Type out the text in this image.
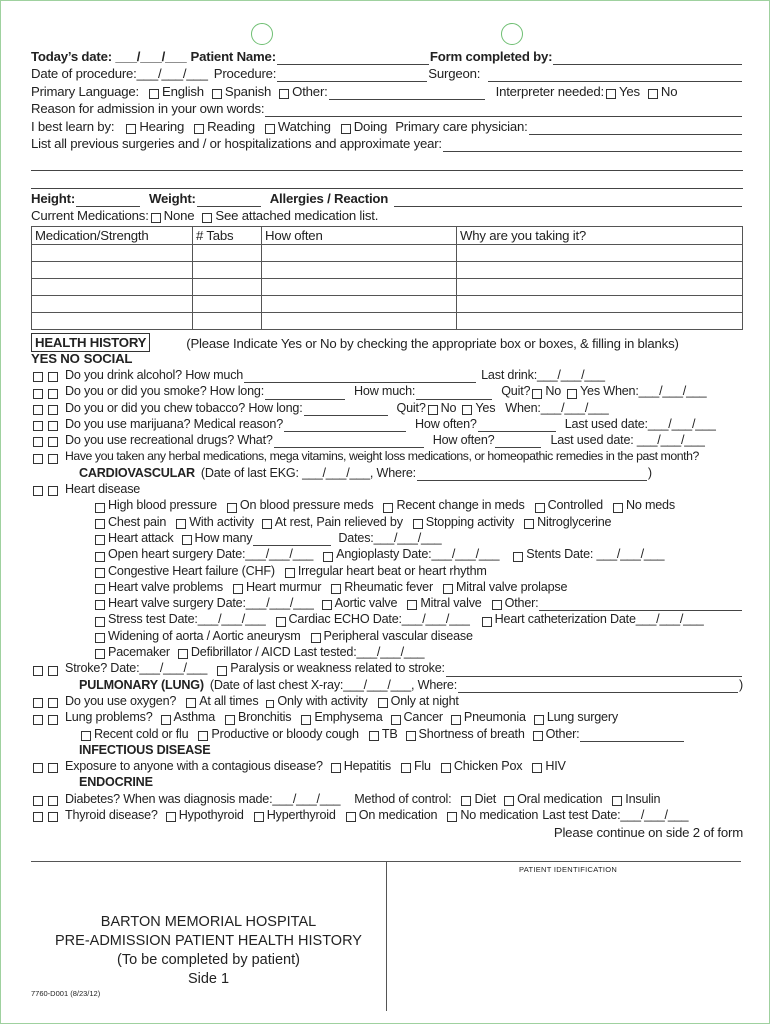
Today’s date: ___/___/___ Patient Name:	Form completed by:
Date of procedure:___/___/___ Procedure:	Surgeon:
Primary Language: English Spanish Other:	Interpreter needed: Yes No
Reason for admission in your own words:
I best learn by: Hearing Reading Watching Doing Primary care physician:
List all previous surgeries and / or hospitalizations and approximate year:
Height:	Weight:	Allergies / Reaction
Current Medications: None See attached medication list.
Medication/Strength	# Tabs	How often	Why are you taking it?

HEALTH HISTORY	(Please Indicate Yes or No by checking the appropriate box or boxes, & filling in blanks)
YES NO SOCIAL
Do you drink alcohol? How much	Last drink:___/___/___
Do you or did you smoke? How long:	How much:	Quit? No Yes When:___/___/___
Do you or did you chew tobacco? How long:	Quit? No Yes When:___/___/___
Do you use marijuana? Medical reason?	How often?	Last used date:___/___/___
Do you use recreational drugs? What?	How often?	Last used date: ___/___/___
Have you taken any herbal medications, mega vitamins, weight loss medications, or homeopathic remedies in the past month?
CARDIOVASCULAR (Date of last EKG: ___/___/___, Where:	)
Heart disease
High blood pressure On blood pressure meds Recent change in meds Controlled No meds
Chest pain With activity At rest, Pain relieved by Stopping activity Nitroglycerine
Heart attack How many	Dates:___/___/___
Open heart surgery Date:___/___/___ Angioplasty Date:___/___/___ Stents Date: ___/___/___
Congestive Heart failure (CHF) Irregular heart beat or heart rhythm
Heart valve problems Heart murmur Rheumatic fever Mitral valve prolapse
Heart valve surgery Date:___/___/___ Aortic valve Mitral valve Other:
Stress test Date:___/___/___ Cardiac ECHO Date:___/___/___ Heart catheterization Date___/___/___
Widening of aorta / Aortic aneurysm Peripheral vascular disease
Pacemaker Defibrillator / AICD Last tested:___/___/___
Stroke? Date:___/___/___ Paralysis or weakness related to stroke:
PULMONARY (LUNG) (Date of last chest X-ray:___/___/___, Where:	)
Do you use oxygen? At all times Only with activity Only at night
Lung problems? Asthma Bronchitis Emphysema Cancer Pneumonia Lung surgery
Recent cold or flu Productive or bloody cough TB Shortness of breath Other:
INFECTIOUS DISEASE
Exposure to anyone with a contagious disease? Hepatitis Flu Chicken Pox HIV
ENDOCRINE
Diabetes? When was diagnosis made:___/___/___ Method of control: Diet Oral medication Insulin
Thyroid disease? Hypothyroid Hyperthyroid On medication No medication Last test Date:___/___/___
Please continue on side 2 of form
PATIENT IDENTIFICATION
BARTON MEMORIAL HOSPITAL
PRE-ADMISSION PATIENT HEALTH HISTORY
(To be completed by patient)
Side 1
7760-D001 (8/23/12)
